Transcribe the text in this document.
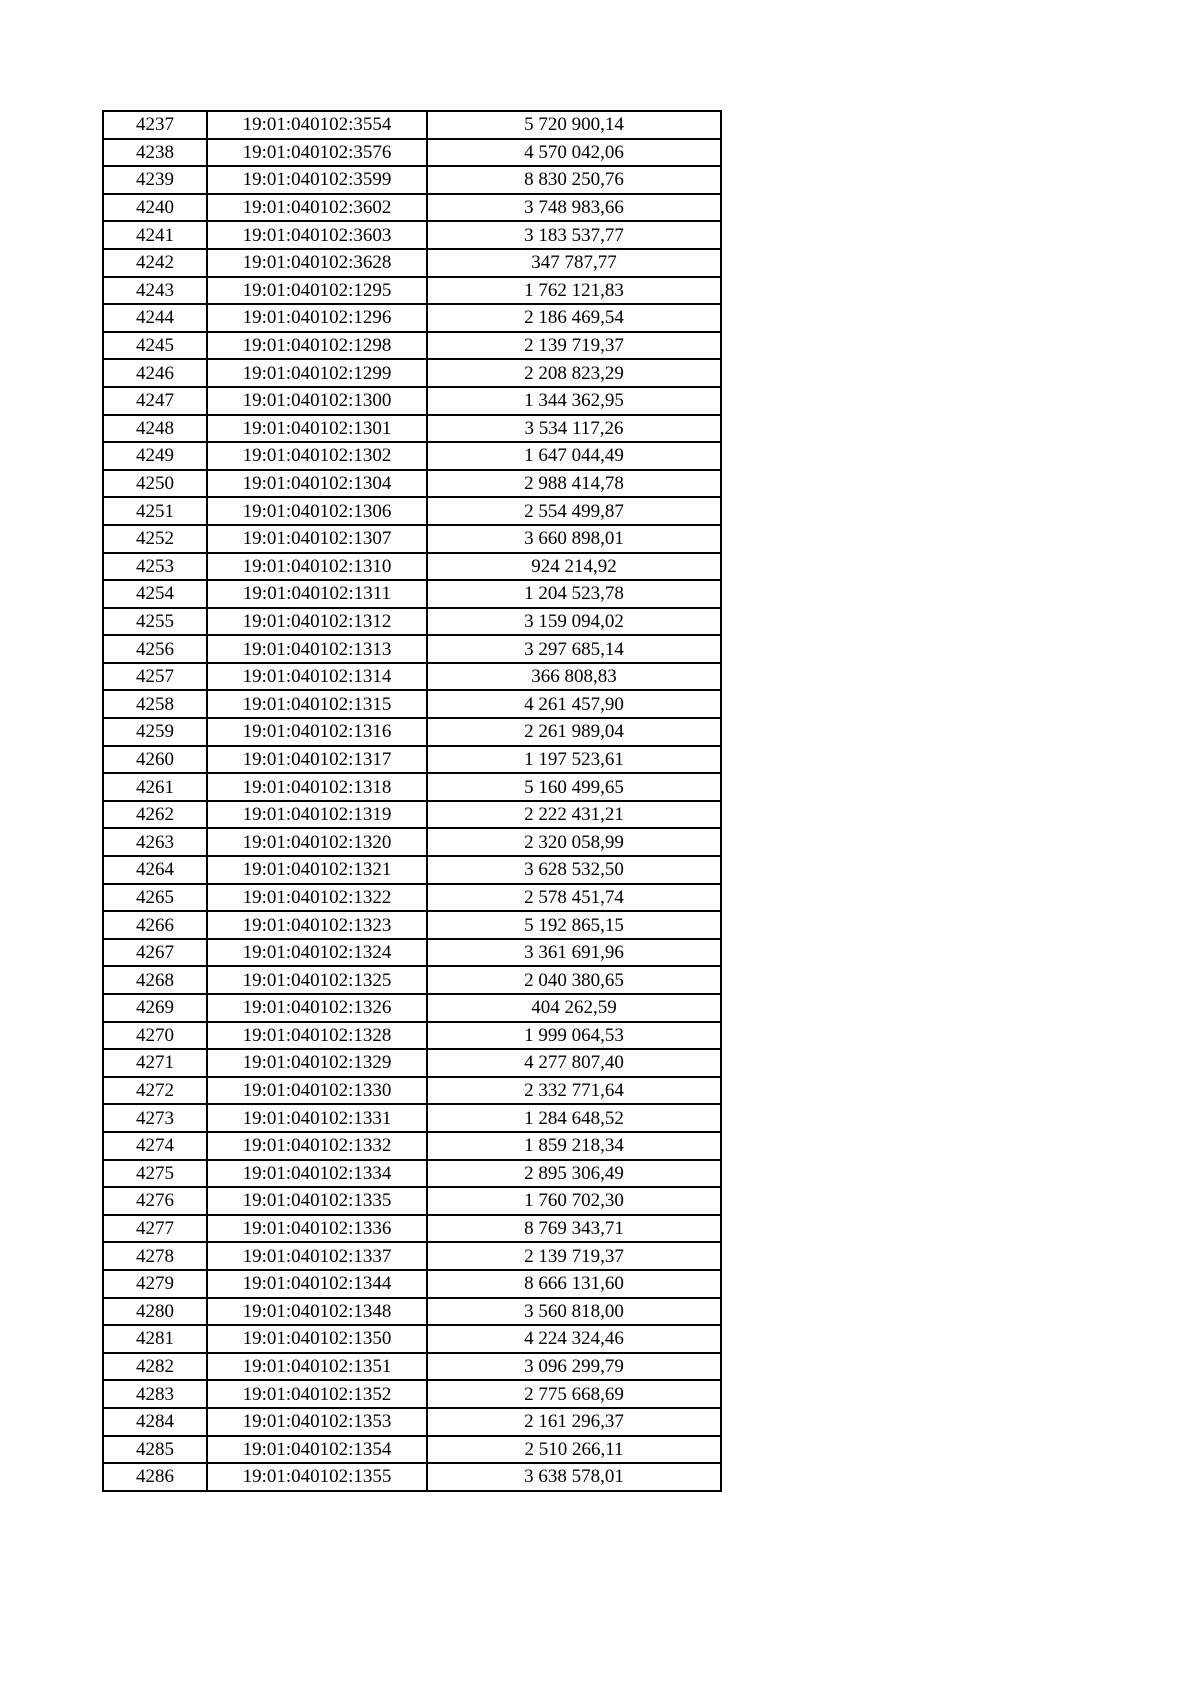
4237	19:01:040102:3554	5 720 900,14
4238	19:01:040102:3576	4 570 042,06
4239	19:01:040102:3599	8 830 250,76
4240	19:01:040102:3602	3 748 983,66
4241	19:01:040102:3603	3 183 537,77
4242	19:01:040102:3628	347 787,77
4243	19:01:040102:1295	1 762 121,83
4244	19:01:040102:1296	2 186 469,54
4245	19:01:040102:1298	2 139 719,37
4246	19:01:040102:1299	2 208 823,29
4247	19:01:040102:1300	1 344 362,95
4248	19:01:040102:1301	3 534 117,26
4249	19:01:040102:1302	1 647 044,49
4250	19:01:040102:1304	2 988 414,78
4251	19:01:040102:1306	2 554 499,87
4252	19:01:040102:1307	3 660 898,01
4253	19:01:040102:1310	924 214,92
4254	19:01:040102:1311	1 204 523,78
4255	19:01:040102:1312	3 159 094,02
4256	19:01:040102:1313	3 297 685,14
4257	19:01:040102:1314	366 808,83
4258	19:01:040102:1315	4 261 457,90
4259	19:01:040102:1316	2 261 989,04
4260	19:01:040102:1317	1 197 523,61
4261	19:01:040102:1318	5 160 499,65
4262	19:01:040102:1319	2 222 431,21
4263	19:01:040102:1320	2 320 058,99
4264	19:01:040102:1321	3 628 532,50
4265	19:01:040102:1322	2 578 451,74
4266	19:01:040102:1323	5 192 865,15
4267	19:01:040102:1324	3 361 691,96
4268	19:01:040102:1325	2 040 380,65
4269	19:01:040102:1326	404 262,59
4270	19:01:040102:1328	1 999 064,53
4271	19:01:040102:1329	4 277 807,40
4272	19:01:040102:1330	2 332 771,64
4273	19:01:040102:1331	1 284 648,52
4274	19:01:040102:1332	1 859 218,34
4275	19:01:040102:1334	2 895 306,49
4276	19:01:040102:1335	1 760 702,30
4277	19:01:040102:1336	8 769 343,71
4278	19:01:040102:1337	2 139 719,37
4279	19:01:040102:1344	8 666 131,60
4280	19:01:040102:1348	3 560 818,00
4281	19:01:040102:1350	4 224 324,46
4282	19:01:040102:1351	3 096 299,79
4283	19:01:040102:1352	2 775 668,69
4284	19:01:040102:1353	2 161 296,37
4285	19:01:040102:1354	2 510 266,11
4286	19:01:040102:1355	3 638 578,01
